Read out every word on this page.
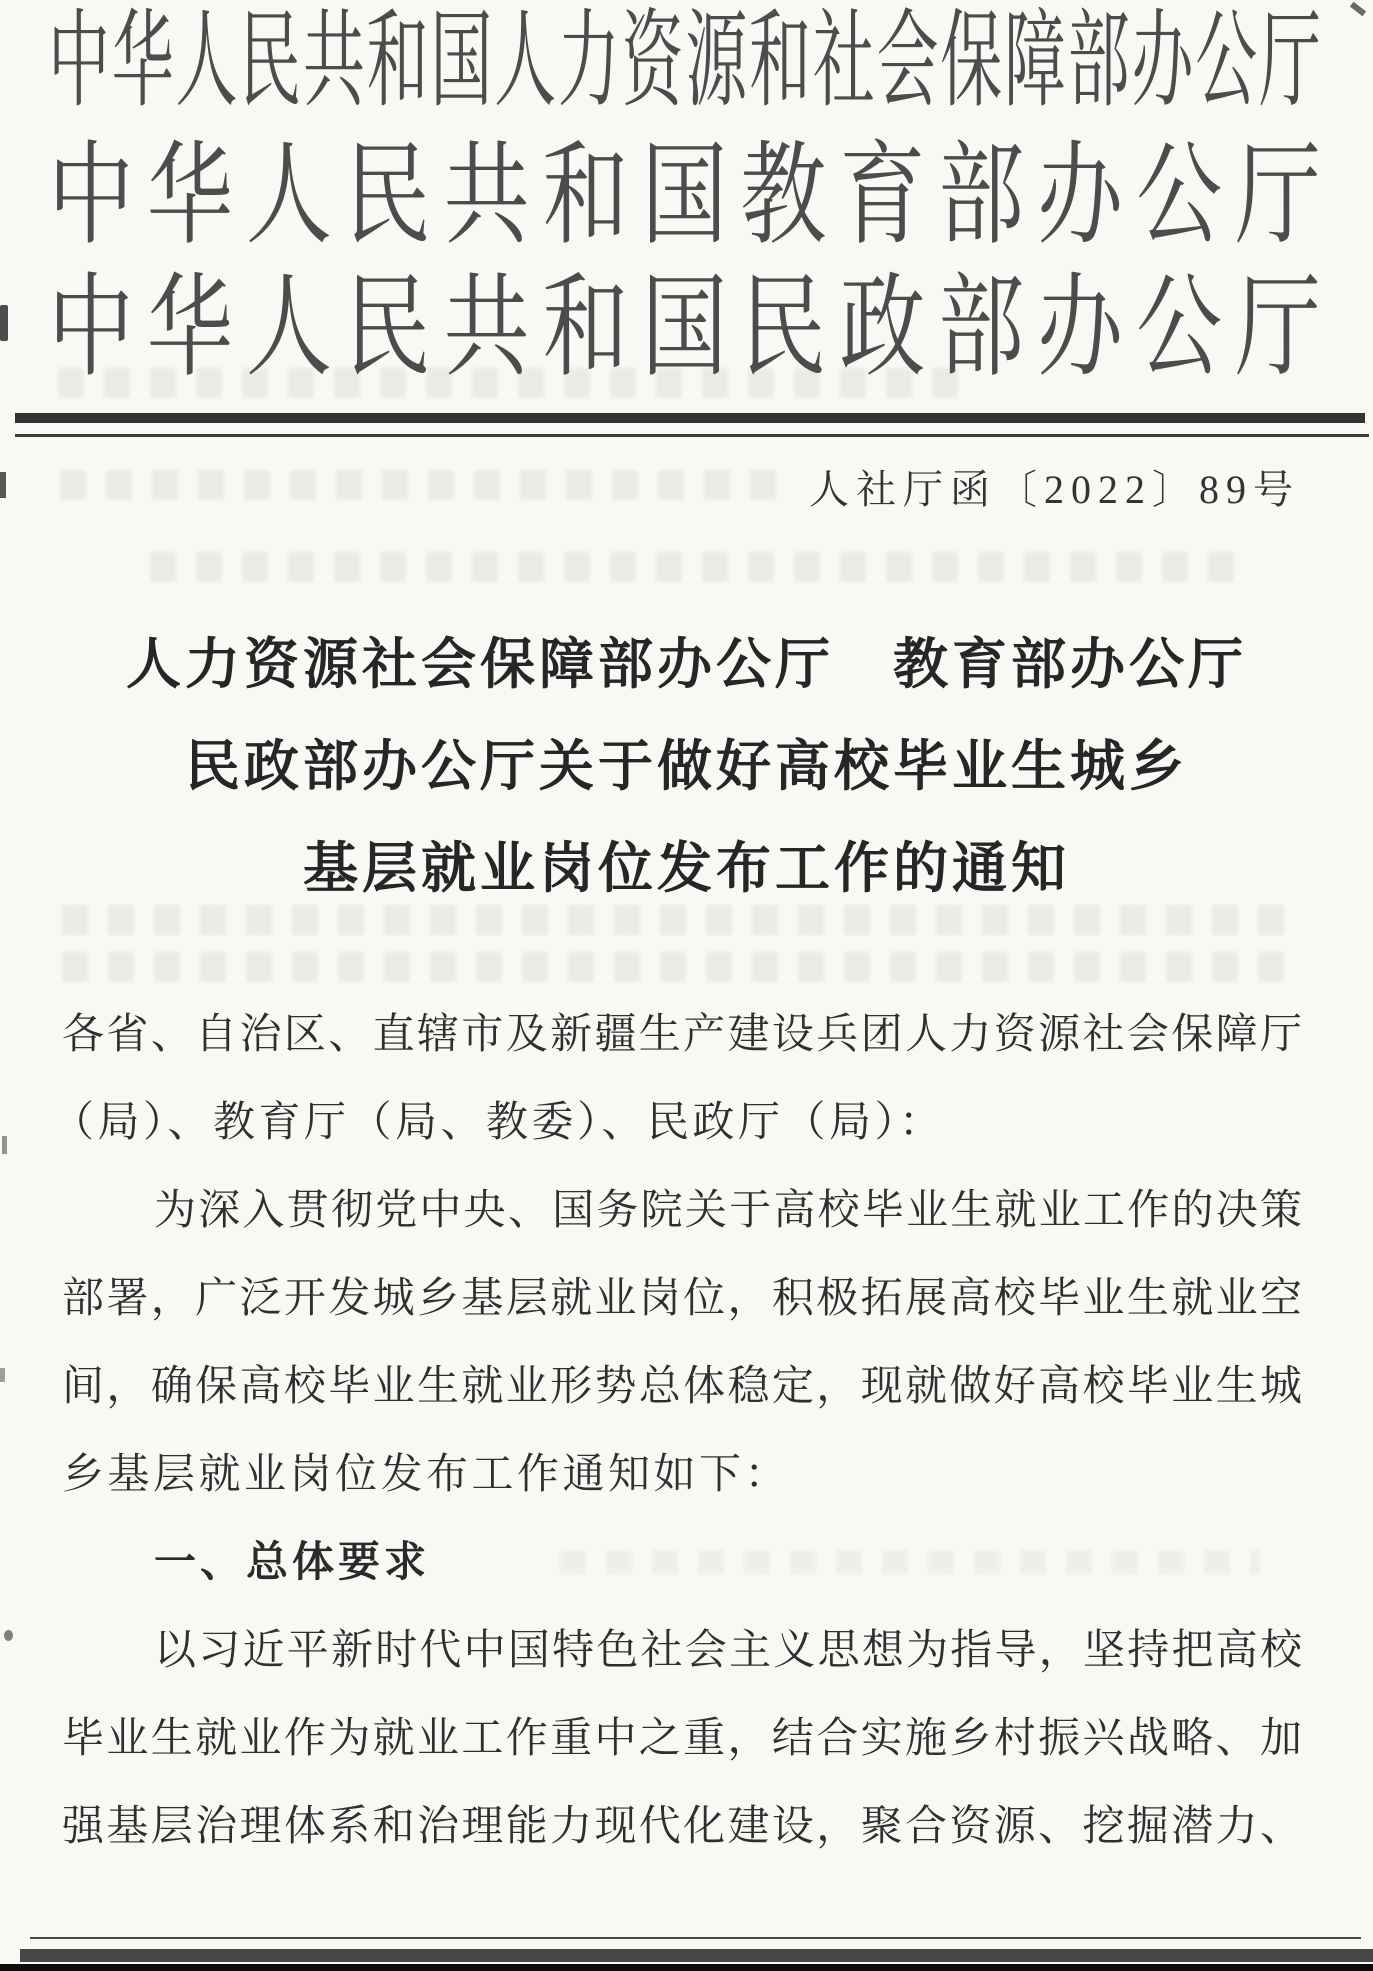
中华人民共和国人力资源和社会保障部办公厅
中华人民共和国教育部办公厅
中华人民共和国民政部办公厅
人社厅函〔2022〕89号
人力资源社会保障部办公厅　教育部办公厅
民政部办公厅关于做好高校毕业生城乡
基层就业岗位发布工作的通知
各省、自治区、直辖市及新疆生产建设兵团人力资源社会保障厅
（局）、教育厅（局、教委）、民政厅（局）：
为深入贯彻党中央、国务院关于高校毕业生就业工作的决策
部署，广泛开发城乡基层就业岗位，积极拓展高校毕业生就业空
间，确保高校毕业生就业形势总体稳定，现就做好高校毕业生城
乡基层就业岗位发布工作通知如下：
一、总体要求
以习近平新时代中国特色社会主义思想为指导，坚持把高校
毕业生就业作为就业工作重中之重，结合实施乡村振兴战略、加
强基层治理体系和治理能力现代化建设，聚合资源、挖掘潜力、
